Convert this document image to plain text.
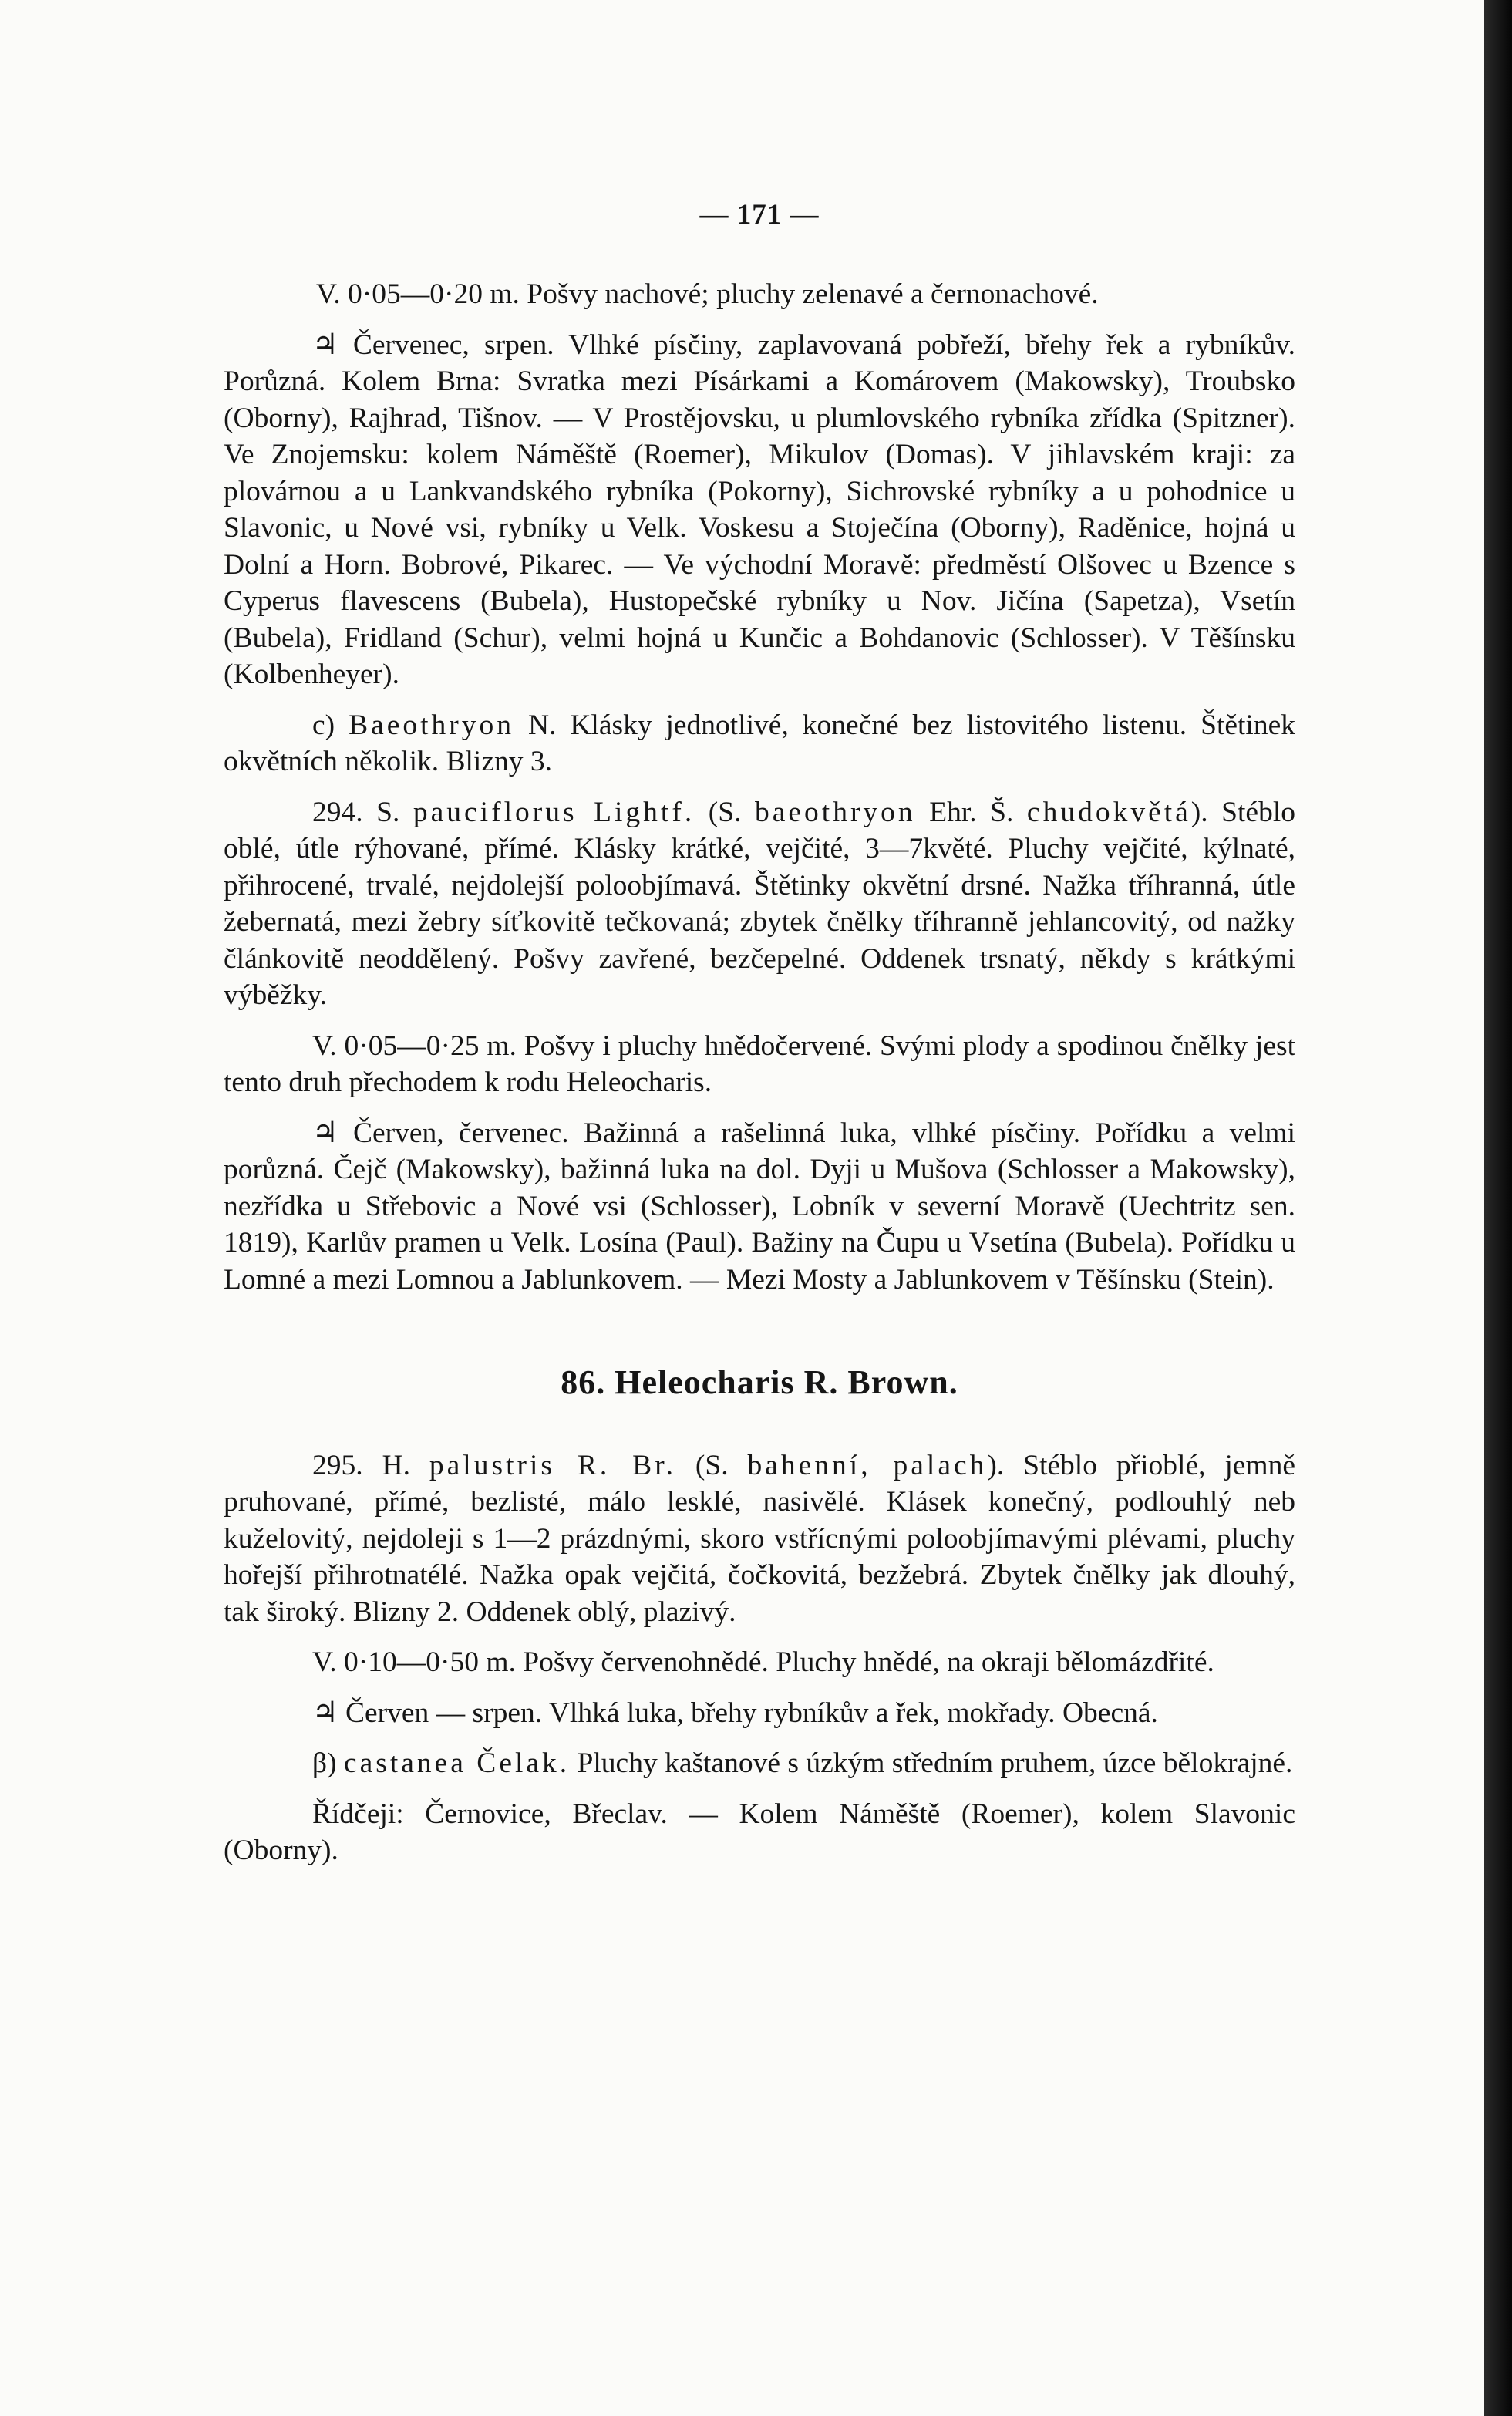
— 171 —

V. 0·05—0·20 m. Pošvy nachové; pluchy zelenavé a černonachové.

♃ Červenec, srpen. Vlhké písčiny, zaplavovaná pobřeží, břehy řek a rybníkův. Porůzná. Kolem Brna: Svratka mezi Písárkami a Komárovem (Makowsky), Troubsko (Oborny), Rajhrad, Tišnov. — V Prostějovsku, u plumlovského rybníka zřídka (Spitzner). Ve Znojemsku: kolem Náměště (Roemer), Mikulov (Domas). V jihlavském kraji: za plovárnou a u Lankvandského rybníka (Pokorny), Sichrovské rybníky a u pohodnice u Slavonic, u Nové vsi, rybníky u Velk. Voskesu a Stoječína (Oborny), Raděnice, hojná u Dolní a Horn. Bobrové, Pikarec. — Ve východní Moravě: předměstí Olšovec u Bzence s Cyperus flavescens (Bubela), Hustopečské rybníky u Nov. Jičína (Sapetza), Vsetín (Bubela), Fridland (Schur), velmi hojná u Kunčic a Bohdanovic (Schlosser). V Těšínsku (Kolbenheyer).

c) Baeothryon N. Klásky jednotlivé, konečné bez listovitého listenu. Štětinek okvětních několik. Blizny 3.

294. S. pauciflorus Lightf. (S. baeothryon Ehr. Š. chudokvětá). Stéblo oblé, útle rýhované, přímé. Klásky krátké, vejčité, 3—7květé. Pluchy vejčité, kýlnaté, přihrocené, trvalé, nejdolejší poloobjímavá. Štětinky okvětní drsné. Nažka tříhranná, útle žebernatá, mezi žebry síťkovitě tečkovaná; zbytek čnělky tříhranně jehlancovitý, od nažky článkovitě neoddělený. Pošvy zavřené, bezčepelné. Oddenek trsnatý, někdy s krátkými výběžky.

V. 0·05—0·25 m. Pošvy i pluchy hnědočervené. Svými plody a spodinou čnělky jest tento druh přechodem k rodu Heleocharis.

♃ Červen, červenec. Bažinná a rašelinná luka, vlhké písčiny. Pořídku a velmi porůzná. Čejč (Makowsky), bažinná luka na dol. Dyji u Mušova (Schlosser a Makowsky), nezřídka u Střebovic a Nové vsi (Schlosser), Lobník v severní Moravě (Uechtritz sen. 1819), Karlův pramen u Velk. Losína (Paul). Bažiny na Čupu u Vsetína (Bubela). Pořídku u Lomné a mezi Lomnou a Jablunkovem. — Mezi Mosty a Jablunkovem v Těšínsku (Stein).

86. Heleocharis R. Brown.

295. H. palustris R. Br. (S. bahenní, palach). Stéblo přioblé, jemně pruhované, přímé, bezlisté, málo lesklé, nasivělé. Klásek konečný, podlouhlý neb kuželovitý, nejdoleji s 1—2 prázdnými, skoro vstřícnými poloobjímavými plévami, pluchy hořejší přihrotnatélé. Nažka opak vejčitá, čočkovitá, bezžebrá. Zbytek čnělky jak dlouhý, tak široký. Blizny 2. Oddenek oblý, plazivý.

V. 0·10—0·50 m. Pošvy červenohnědé. Pluchy hnědé, na okraji bělomázdřité.

♃ Červen — srpen. Vlhká luka, břehy rybníkův a řek, mokřady. Obecná.

β) castanea Čelak. Pluchy kaštanové s úzkým středním pruhem, úzce bělokrajné.

Řídčeji: Černovice, Břeclav. — Kolem Náměště (Roemer), kolem Slavonic (Oborny).
